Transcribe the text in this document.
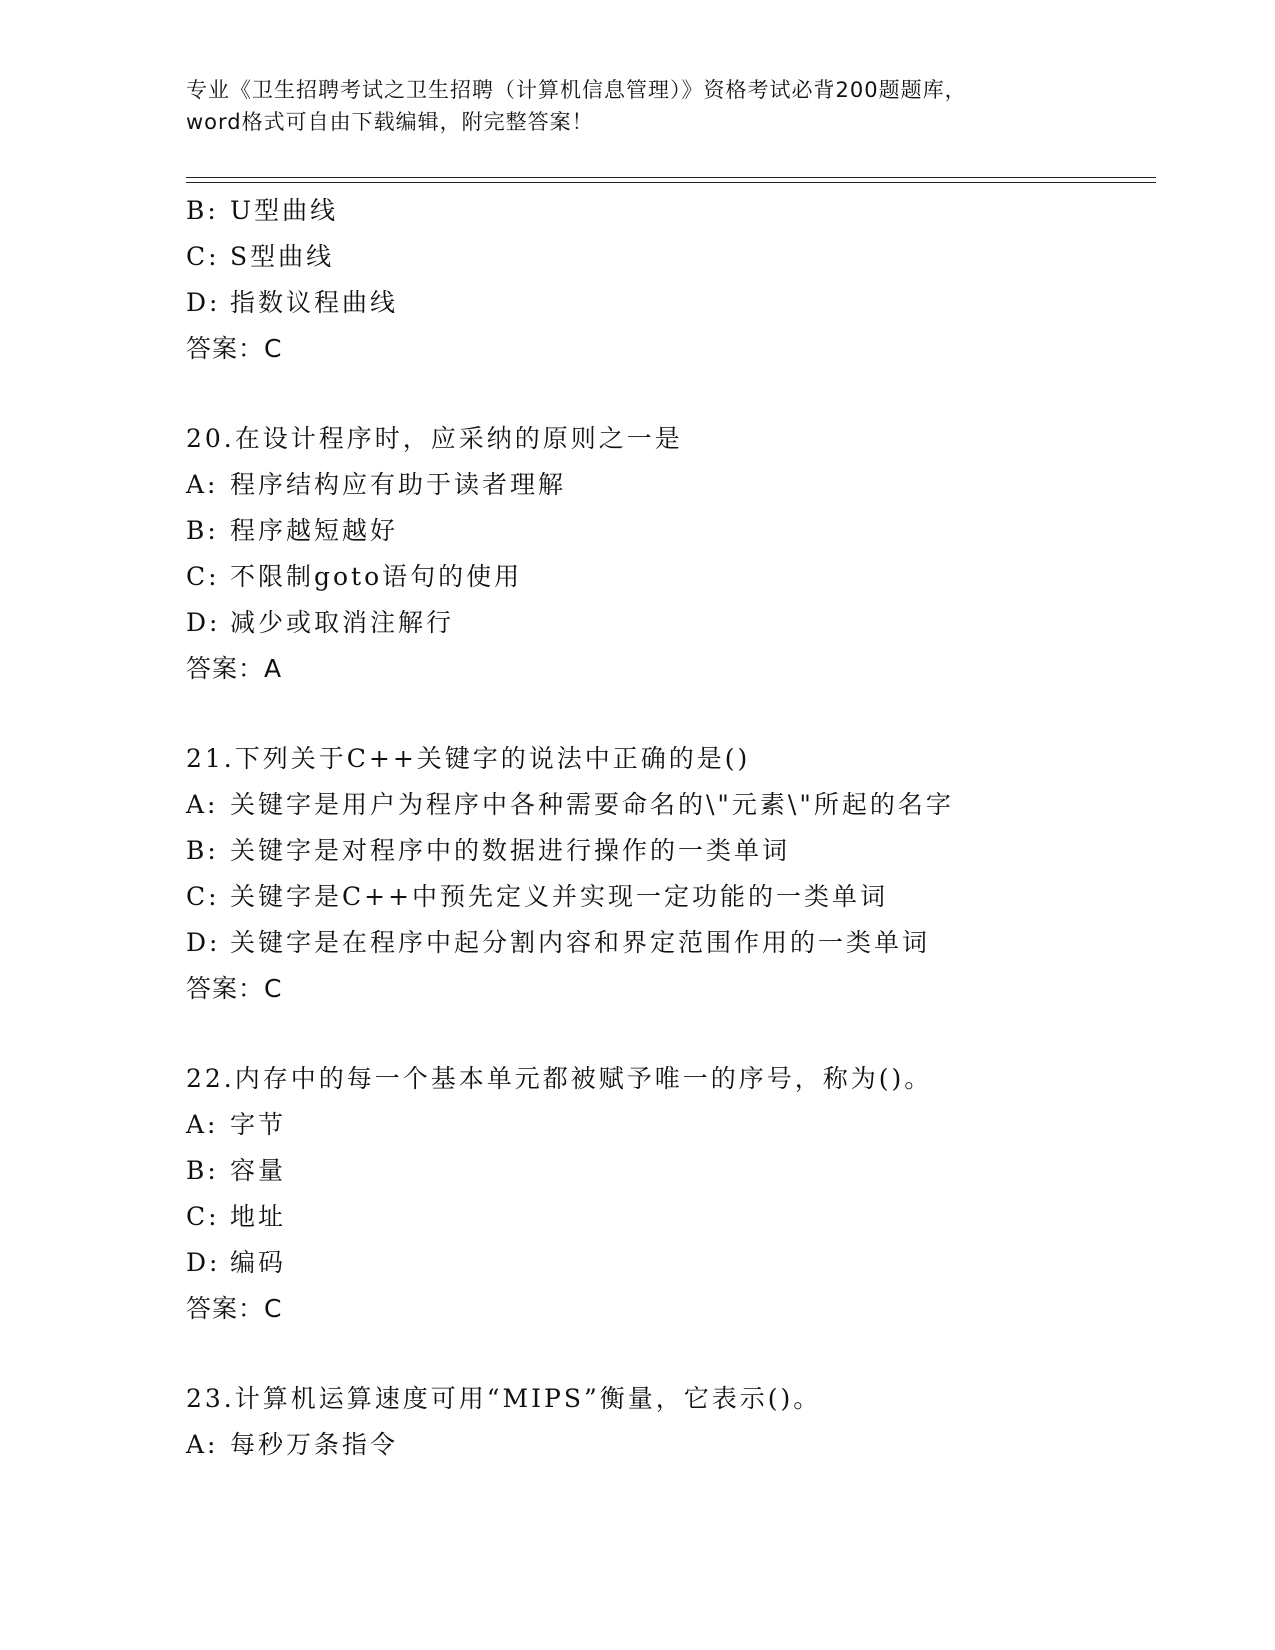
专业《卫生招聘考试之卫生招聘（计算机信息管理）》资格考试必背200题题库，
word格式可自由下载编辑，附完整答案！
B: U型曲线
C: S型曲线
D: 指数议程曲线
答案：C
20.在设计程序时，应采纳的原则之一是
A: 程序结构应有助于读者理解
B: 程序越短越好
C: 不限制goto语句的使用
D: 减少或取消注解行
答案：A
21.下列关于C++关键字的说法中正确的是()
A: 关键字是用户为程序中各种需要命名的\"元素\"所起的名字
B: 关键字是对程序中的数据进行操作的一类单词
C: 关键字是C++中预先定义并实现一定功能的一类单词
D: 关键字是在程序中起分割内容和界定范围作用的一类单词
答案：C
22.内存中的每一个基本单元都被赋予唯一的序号，称为()。
A: 字节
B: 容量
C: 地址
D: 编码
答案：C
23.计算机运算速度可用“MIPS”衡量，它表示()。
A: 每秒万条指令
